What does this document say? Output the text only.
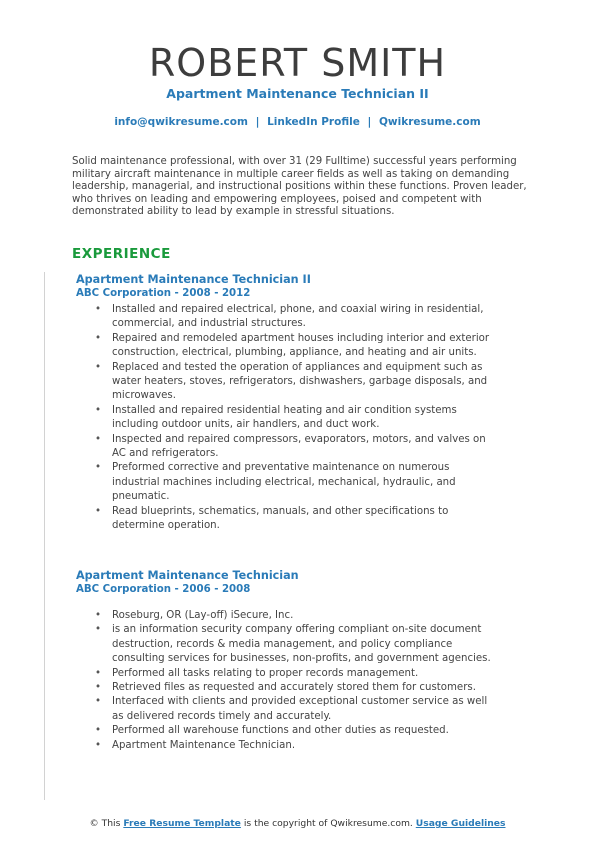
ROBERT SMITH
Apartment Maintenance Technician II
info@qwikresume.com | LinkedIn Profile | Qwikresume.com

Solid maintenance professional, with over 31 (29 Fulltime) successful years performing military aircraft maintenance in multiple career fields as well as taking on demanding leadership, managerial, and instructional positions within these functions. Proven leader, who thrives on leading and empowering employees, poised and competent with demonstrated ability to lead by example in stressful situations.

EXPERIENCE
Apartment Maintenance Technician II
ABC Corporation - 2008 - 2012
• Installed and repaired electrical, phone, and coaxial wiring in residential, commercial, and industrial structures.
• Repaired and remodeled apartment houses including interior and exterior construction, electrical, plumbing, appliance, and heating and air units.
• Replaced and tested the operation of appliances and equipment such as water heaters, stoves, refrigerators, dishwashers, garbage disposals, and microwaves.
• Installed and repaired residential heating and air condition systems including outdoor units, air handlers, and duct work.
• Inspected and repaired compressors, evaporators, motors, and valves on AC and refrigerators.
• Preformed corrective and preventative maintenance on numerous industrial machines including electrical, mechanical, hydraulic, and pneumatic.
• Read blueprints, schematics, manuals, and other specifications to determine operation.
Apartment Maintenance Technician
ABC Corporation - 2006 - 2008
• Roseburg, OR (Lay-off) iSecure, Inc.
• is an information security company offering compliant on-site document destruction, records & media management, and policy compliance consulting services for businesses, non-profits, and government agencies.
• Performed all tasks relating to proper records management.
• Retrieved files as requested and accurately stored them for customers.
• Interfaced with clients and provided exceptional customer service as well as delivered records timely and accurately.
• Performed all warehouse functions and other duties as requested.
• Apartment Maintenance Technician.
© This Free Resume Template is the copyright of Qwikresume.com. Usage Guidelines
